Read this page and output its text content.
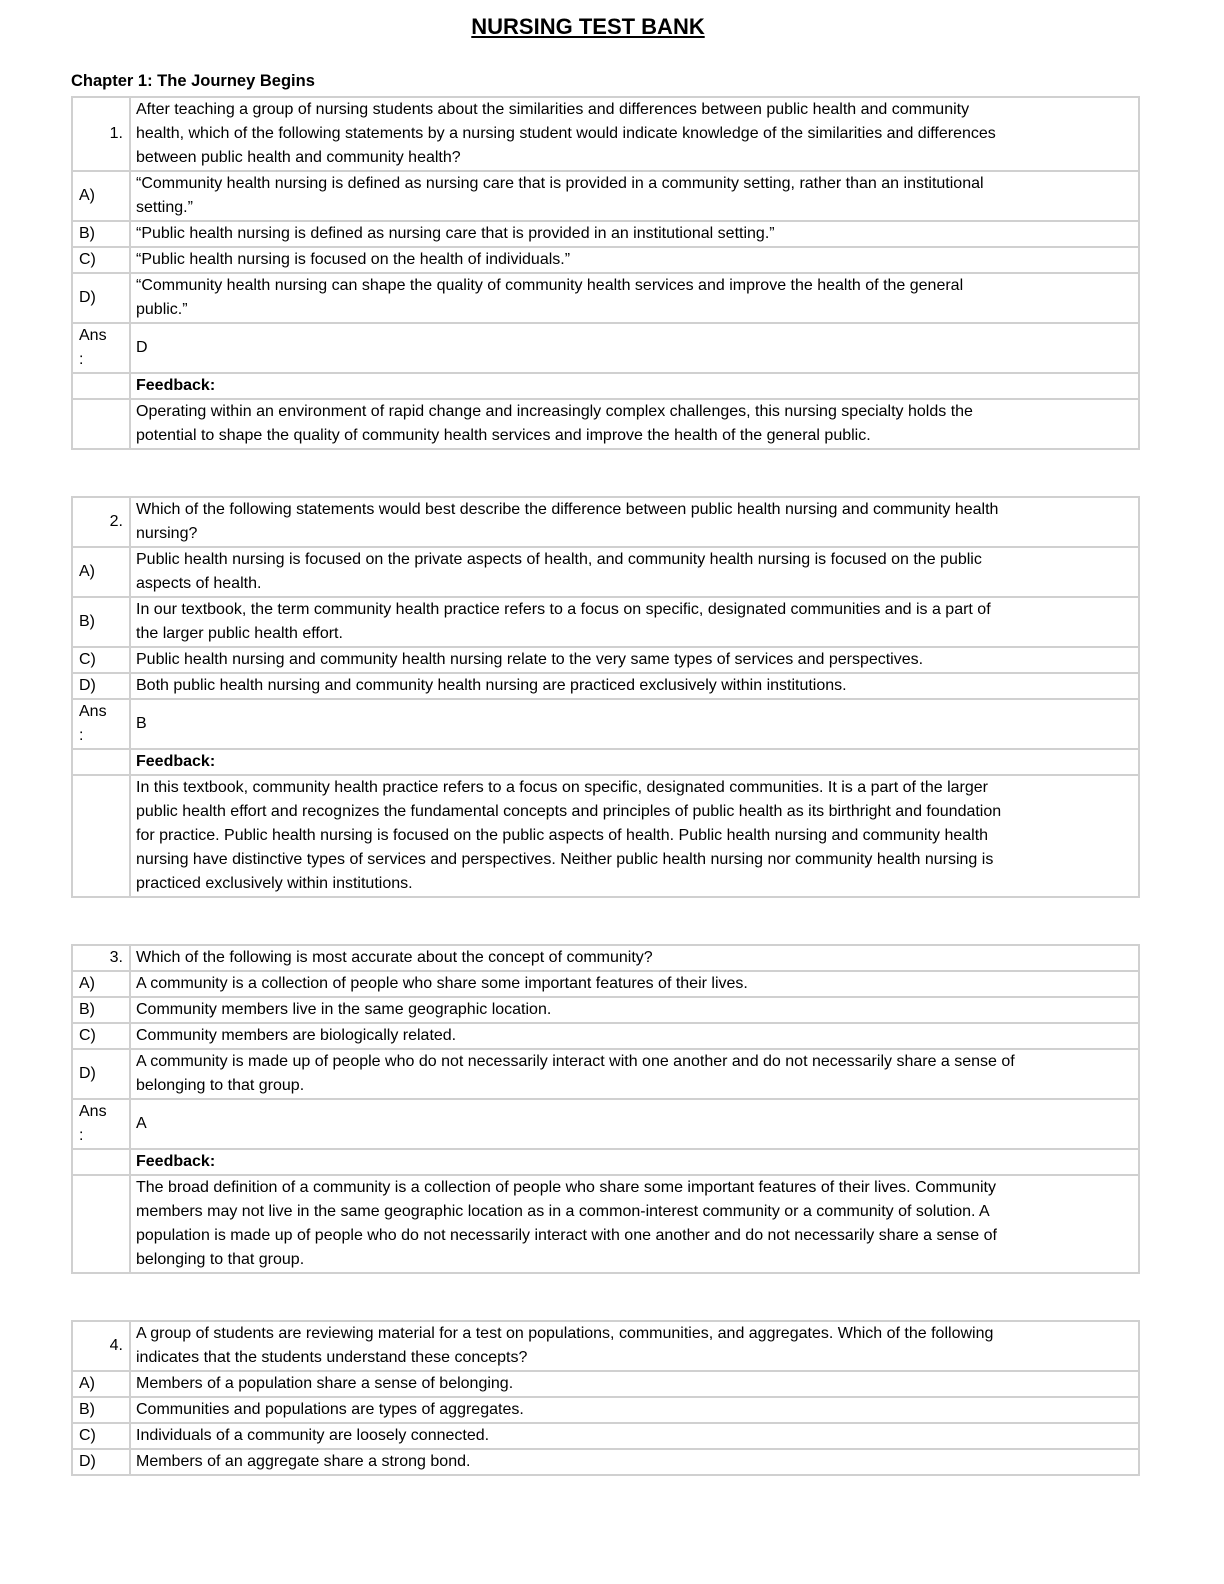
NURSING TEST BANK
Chapter 1: The Journey Begins
1.	After teaching a group of nursing students about the similarities and differences between public health and community
health, which of the following statements by a nursing student would indicate knowledge of the similarities and differences
between public health and community health?

A)	“Community health nursing is defined as nursing care that is provided in a community setting, rather than an institutional
setting.”

B)	“Public health nursing is defined as nursing care that is provided in an institutional setting.”

C)	“Public health nursing is focused on the health of individuals.”

D)	“Community health nursing can shape the quality of community health services and improve the health of the general
public.”

Ans
:	D
	Feedback:

	Operating within an environment of rapid change and increasingly complex challenges, this nursing specialty holds the
potential to shape the quality of community health services and improve the health of the general public.
2.	Which of the following statements would best describe the difference between public health nursing and community health
nursing?

A)	Public health nursing is focused on the private aspects of health, and community health nursing is focused on the public
aspects of health.

B)	In our textbook, the term community health practice refers to a focus on specific, designated communities and is a part of
the larger public health effort.

C)	Public health nursing and community health nursing relate to the very same types of services and perspectives.

D)	Both public health nursing and community health nursing are practiced exclusively within institutions.

Ans
:	B
	Feedback:

	In this textbook, community health practice refers to a focus on specific, designated communities. It is a part of the larger
public health effort and recognizes the fundamental concepts and principles of public health as its birthright and foundation
for practice. Public health nursing is focused on the public aspects of health. Public health nursing and community health
nursing have distinctive types of services and perspectives. Neither public health nursing nor community health nursing is
practiced exclusively within institutions.
3.	Which of the following is most accurate about the concept of community?

A)	A community is a collection of people who share some important features of their lives.

B)	Community members live in the same geographic location.

C)	Community members are biologically related.

D)	A community is made up of people who do not necessarily interact with one another and do not necessarily share a sense of
belonging to that group.

Ans
:	A
	Feedback:

	The broad definition of a community is a collection of people who share some important features of their lives. Community
members may not live in the same geographic location as in a common-interest community or a community of solution. A
population is made up of people who do not necessarily interact with one another and do not necessarily share a sense of
belonging to that group.
4.	A group of students are reviewing material for a test on populations, communities, and aggregates. Which of the following
indicates that the students understand these concepts?

A)	Members of a population share a sense of belonging.

B)	Communities and populations are types of aggregates.

C)	Individuals of a community are loosely connected.

D)	Members of an aggregate share a strong bond.
